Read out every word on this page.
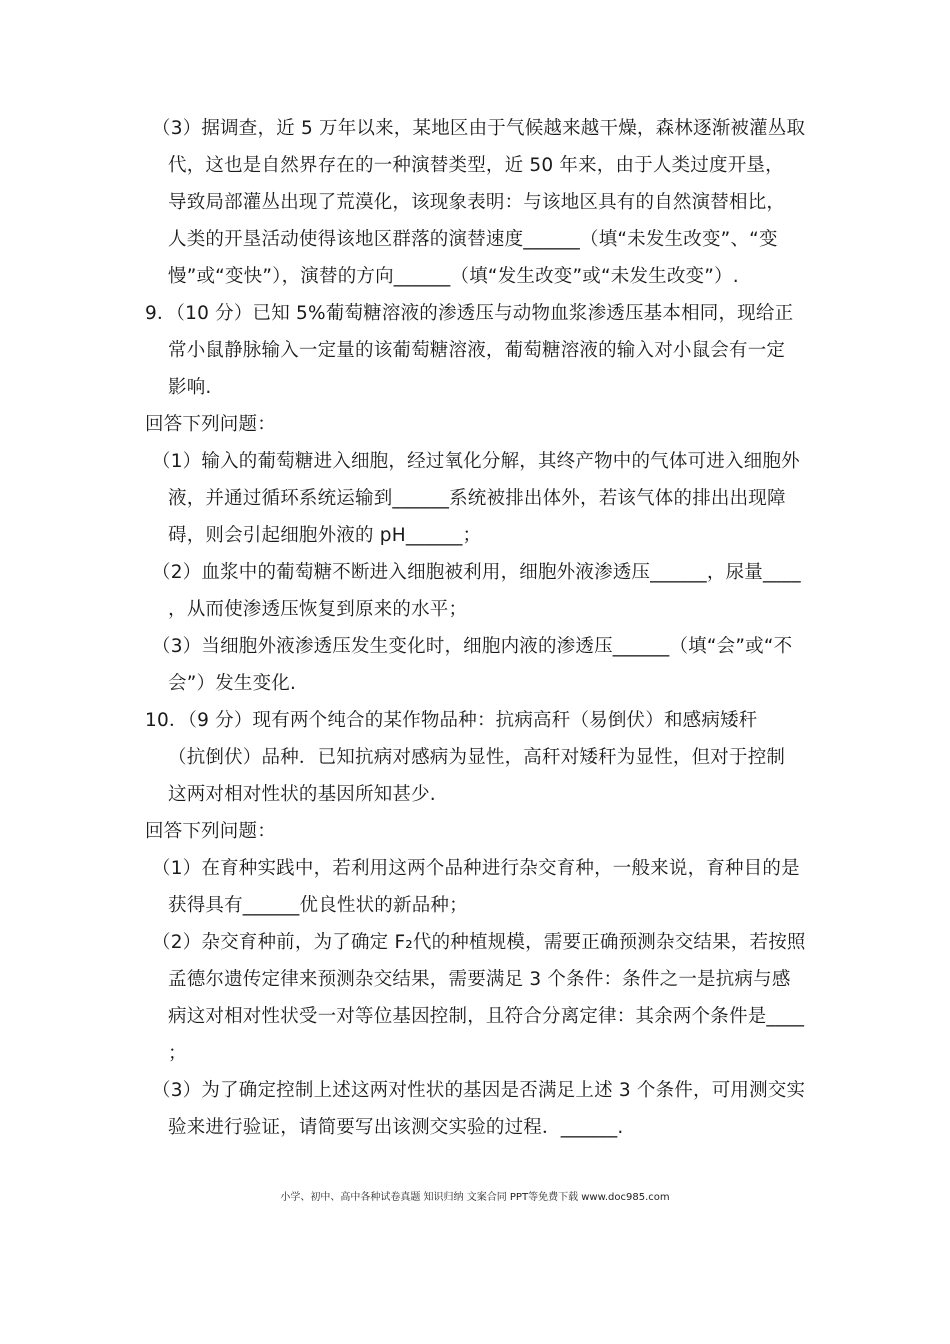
（3）据调查，近 5 万年以来，某地区由于气候越来越干燥，森林逐渐被灌丛取
代，这也是自然界存在的一种演替类型，近 50 年来，由于人类过度开垦，
导致局部灌丛出现了荒漠化，该现象表明：与该地区具有的自然演替相比，
人类的开垦活动使得该地区群落的演替速度______（填“未发生改变”、“变
慢”或“变快”），演替的方向______（填“发生改变”或“未发生改变”）.
9．（10 分）已知 5%葡萄糖溶液的渗透压与动物血浆渗透压基本相同，现给正
常小鼠静脉输入一定量的该葡萄糖溶液，葡萄糖溶液的输入对小鼠会有一定
影响.
回答下列问题：
（1）输入的葡萄糖进入细胞，经过氧化分解，其终产物中的气体可进入细胞外
液，并通过循环系统运输到______系统被排出体外，若该气体的排出出现障
碍，则会引起细胞外液的 pH______；
（2）血浆中的葡萄糖不断进入细胞被利用，细胞外液渗透压______，尿量____
，从而使渗透压恢复到原来的水平；
（3）当细胞外液渗透压发生变化时，细胞内液的渗透压______（填“会”或“不
会”）发生变化.
10．（9 分）现有两个纯合的某作物品种：抗病高秆（易倒伏）和感病矮秆
（抗倒伏）品种．已知抗病对感病为显性，高秆对矮秆为显性，但对于控制
这两对相对性状的基因所知甚少.
回答下列问题：
（1）在育种实践中，若利用这两个品种进行杂交育种，一般来说，育种目的是
获得具有______优良性状的新品种；
（2）杂交育种前，为了确定 F₂代的种植规模，需要正确预测杂交结果，若按照
孟德尔遗传定律来预测杂交结果，需要满足 3 个条件：条件之一是抗病与感
病这对相对性状受一对等位基因控制，且符合分离定律：其余两个条件是____
；
（3）为了确定控制上述这两对性状的基因是否满足上述 3 个条件，可用测交实
验来进行验证，请简要写出该测交实验的过程．______.
小学、初中、高中各种试卷真题 知识归纳 文案合同 PPT等免费下载 www.doc985.com
